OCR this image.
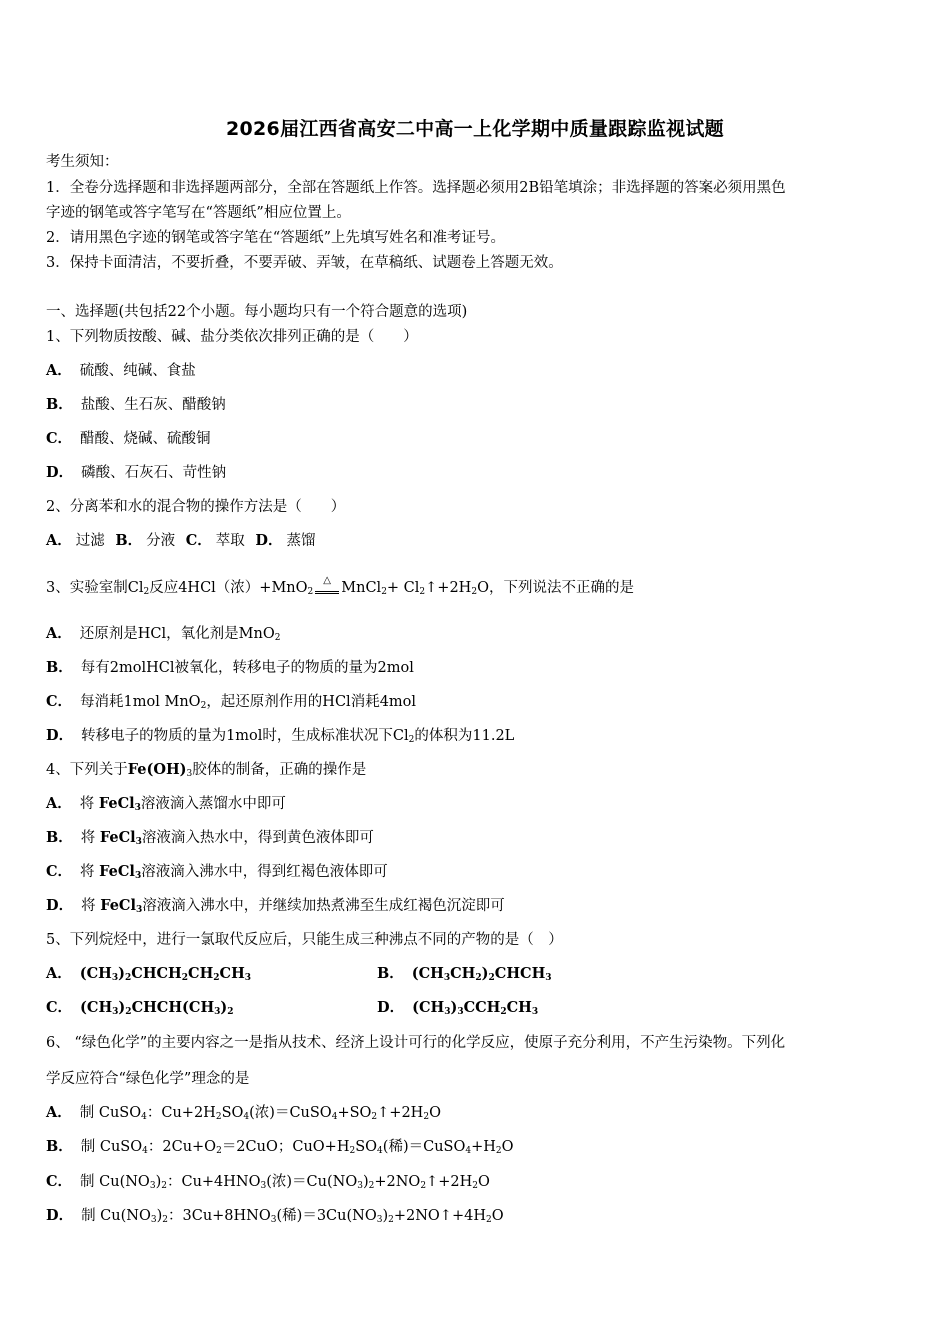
2026届江西省高安二中高一上化学期中质量跟踪监视试题
考生须知：
1．全卷分选择题和非选择题两部分，全部在答题纸上作答。选择题必须用2B铅笔填涂；非选择题的答案必须用黑色
字迹的钢笔或答字笔写在“答题纸”相应位置上。
2．请用黑色字迹的钢笔或答字笔在“答题纸”上先填写姓名和准考证号。
3．保持卡面清洁，不要折叠，不要弄破、弄皱，在草稿纸、试题卷上答题无效。
一、选择题(共包括22个小题。每小题均只有一个符合题意的选项)
1、下列物质按酸、碱、盐分类依次排列正确的是（　　）
A． 硫酸、纯碱、食盐
B． 盐酸、生石灰、醋酸钠
C． 醋酸、烧碱、硫酸铜
D． 磷酸、石灰石、苛性钠
2、分离苯和水的混合物的操作方法是（　　）
A． 过滤 B． 分液 C． 萃取 D． 蒸馏
3、实验室制$Cl_2$反应4HCl（浓）+MnO$_2$
△ MnCl$_2$+ $Cl_2↑+2H_2O$，下列说法不正确的是
A． 还原剂是HCl，氧化剂是MnO$_2$
B． 每有2molHCl被氧化，转移电子的物质的量为2mol
C． 每消耗1mol MnO$_2$，起还原剂作用的HCl消耗4mol
D． 转移电子的物质的量为1mol时，生成标准状况下$Cl_2$的体积为11.2L
4、下列关于$Fe(OH)_3$胶体的制备，正确的操作是
A． 将 FeCl$_3$溶液滴入蒸馏水中即可
B． 将 FeCl$_3$溶液滴入热水中，得到黄色液体即可
C． 将 FeCl$_3$溶液滴入沸水中，得到红褐色液体即可
D． 将 FeCl$_3$溶液滴入沸水中，并继续加热煮沸至生成红褐色沉淀即可
5、下列烷烃中，进行一氯取代反应后，只能生成三种沸点不同的产物的是（　）
A． $(CH_3)_2CHCH_2CH_2CH_3$	B． $(CH_3CH_2)_2CHCH_3$
C． $(CH_3)_2CHCH(CH_3)_2$	D． $(CH_3)_3CCH_2CH_3$
6、 “绿色化学”的主要内容之一是指从技术、经济上设计可行的化学反应，使原子充分利用，不产生污染物。下列化
学反应符合“绿色化学”理念的是
A． 制 CuSO$_4$：$Cu+2H_2SO_4$(浓)$=CuSO_4+SO_2↑+2H_2O$
B． 制 CuSO$_4$：$2Cu+O_2=2CuO$；$CuO+H_2SO_4$(稀)$=CuSO_4+H_2O$
C． 制 $Cu(NO_3)_2$：$Cu+4HNO_3$(浓)$=Cu(NO_3)_2+2NO_2↑+2H_2O$
D． 制 $Cu(NO_3)_2$：$3Cu+8HNO_3$(稀)$=3Cu(NO_3)_2+2NO↑+4H_2O$
